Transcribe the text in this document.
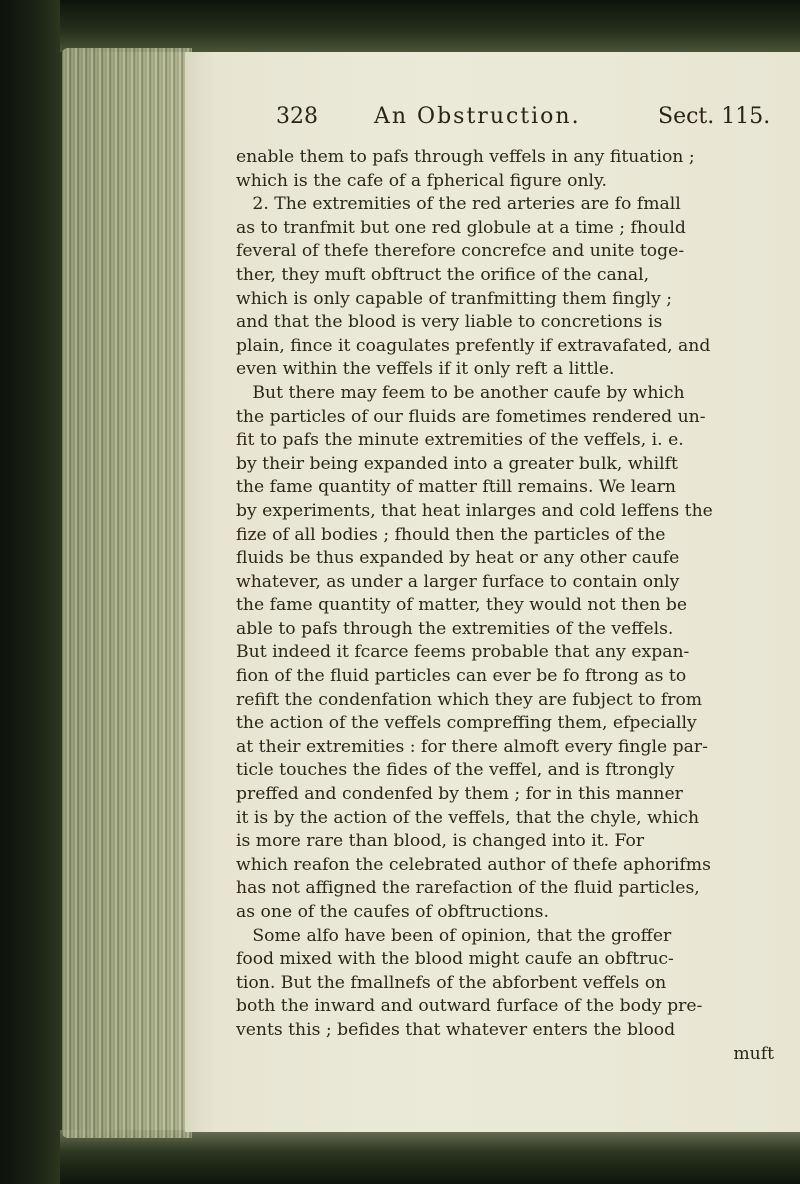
328	An Obstruction.	Sect. 115.
enable them to pafs through veffels in any fituation ;
which is the cafe of a fpherical figure only.
2. The extremities of the red arteries are fo fmall
as to tranfmit but one red globule at a time ; fhould
feveral of thefe therefore concrefce and unite toge-
ther, they muft obftruct the orifice of the canal,
which is only capable of tranfmitting them fingly ;
and that the blood is very liable to concretions is
plain, fince it coagulates prefently if extravafated, and
even within the veffels if it only reft a little.
But there may feem to be another caufe by which
the particles of our fluids are fometimes rendered un-
fit to pafs the minute extremities of the veffels, i. e.
by their being expanded into a greater bulk, whilft
the fame quantity of matter ftill remains. We learn
by experiments, that heat inlarges and cold leffens the
fize of all bodies ; fhould then the particles of the
fluids be thus expanded by heat or any other caufe
whatever, as under a larger furface to contain only
the fame quantity of matter, they would not then be
able to pafs through the extremities of the veffels.
But indeed it fcarce feems probable that any expan-
fion of the fluid particles can ever be fo ftrong as to
refift the condenfation which they are fubject to from
the action of the veffels compreffing them, efpecially
at their extremities : for there almoft every fingle par-
ticle touches the fides of the veffel, and is ftrongly
preffed and condenfed by them ; for in this manner
it is by the action of the veffels, that the chyle, which
is more rare than blood, is changed into it. For
which reafon the celebrated author of thefe aphorifms
has not affigned the rarefaction of the fluid particles,
as one of the caufes of obftructions.
Some alfo have been of opinion, that the groffer
food mixed with the blood might caufe an obftruc-
tion. But the fmallnefs of the abforbent veffels on
both the inward and outward furface of the body pre-
vents this ; befides that whatever enters the blood
muft
